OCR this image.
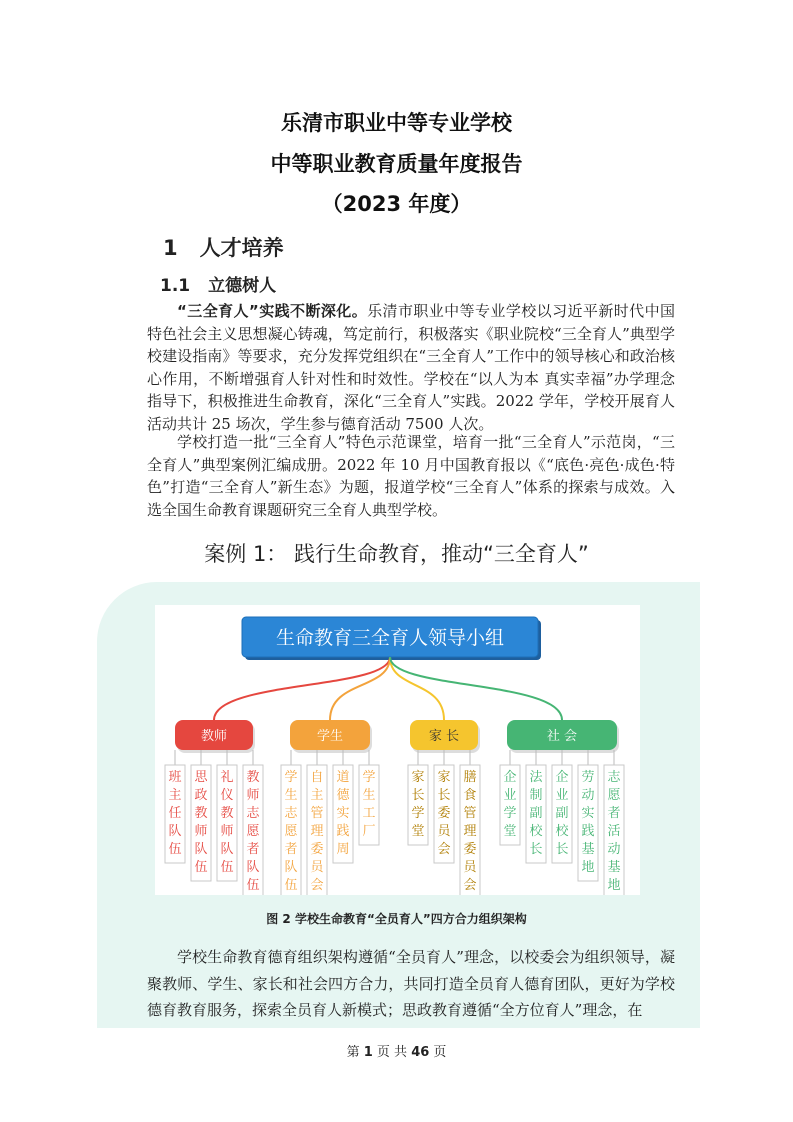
乐清市职业中等专业学校
中等职业教育质量年度报告
（2023 年度）
1 人才培养
1.1 立德树人

“三全育人”实践不断深化。乐清市职业中等专业学校以习近平新时代中国特色社会主义思想凝心铸魂，笃定前行，积极落实《职业院校“三全育人”典型学校建设指南》等要求，充分发挥党组织在“三全育人”工作中的领导核心和政治核心作用，不断增强育人针对性和时效性。学校在“以人为本 真实幸福”办学理念指导下，积极推进生命教育，深化“三全育人”实践。2022 学年，学校开展育人活动共计 25 场次，学生参与德育活动 7500 人次。

学校打造一批“三全育人”特色示范课堂，培育一批“三全育人”示范岗，“三全育人”典型案例汇编成册。2022 年 10 月中国教育报以《“底色·亮色·成色·特色”打造“三全育人”新生态》为题，报道学校“三全育人”体系的探索与成效。入选全国生命教育课题研究三全育人典型学校。

案例 1： 践行生命教育，推动“三全育人”
生命教育三全育人领导小组
教师
班主任队伍
思政教师队伍
礼仪教师队伍
教师志愿者队伍
学生
学生志愿者队伍
自主管理委员会
道德实践周
学生工厂
家 长
家长学堂
家长委员会
膳食管理委员会
社 会
企业学堂
法制副校长
企业副校长
劳动实践基地
志愿者活动基地
图 2 学校生命教育“全员育人”四方合力组织架构

学校生命教育德育组织架构遵循“全员育人”理念，以校委会为组织领导，凝聚教师、学生、家长和社会四方合力，共同打造全员育人德育团队，更好为学校德育教育服务，探索全员育人新模式；思政教育遵循“全方位育人”理念，在

第 1 页 共 46 页
